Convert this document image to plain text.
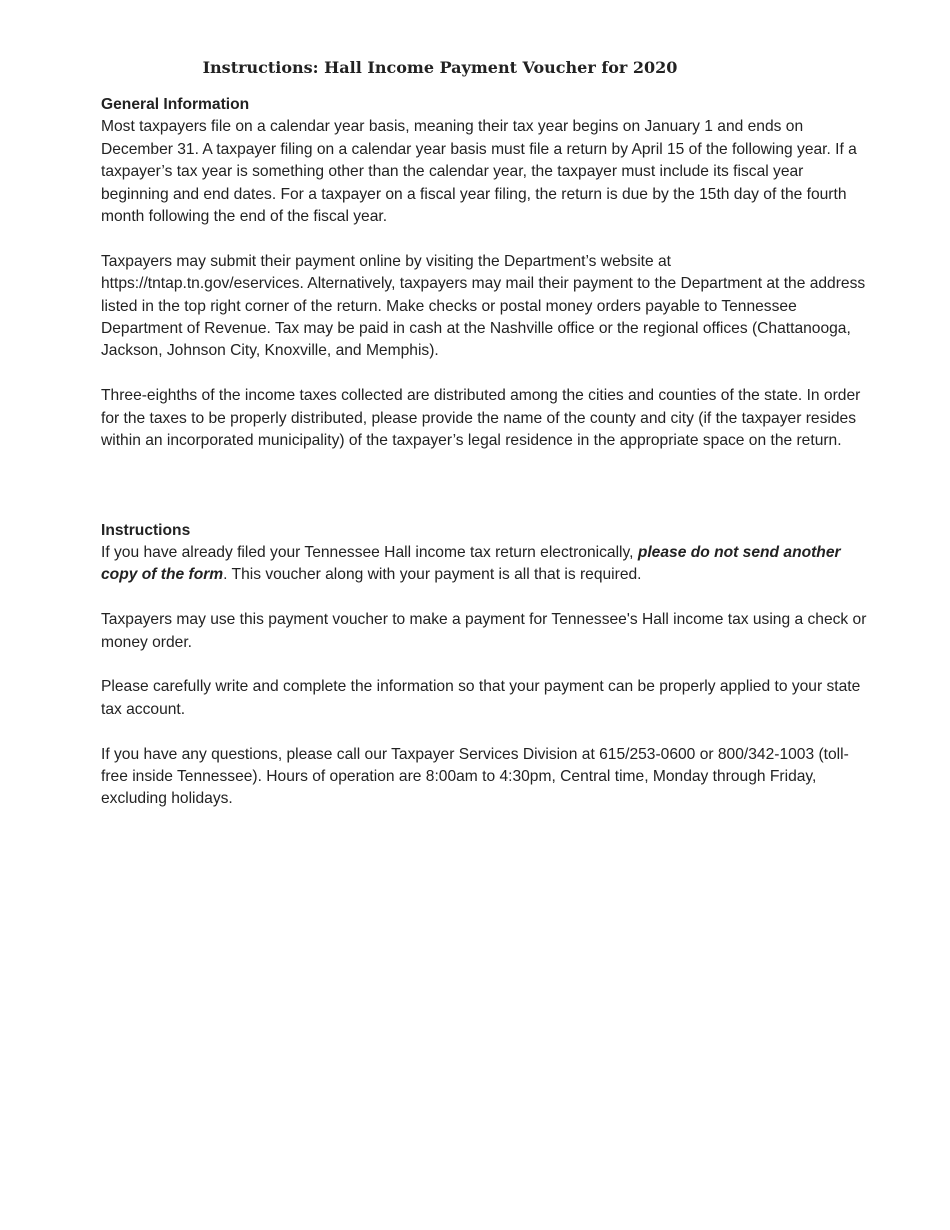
Instructions: Hall Income Payment Voucher for 2020
General Information

Most taxpayers file on a calendar year basis, meaning their tax year begins on January 1 and ends on December 31. A taxpayer filing on a calendar year basis must file a return by April 15 of the following year. If a taxpayer’s tax year is something other than the calendar year, the taxpayer must include its fiscal year beginning and end dates. For a taxpayer on a fiscal year filing, the return is due by the 15th day of the fourth month following the end of the fiscal year.

Taxpayers may submit their payment online by visiting the Department’s website at https://tntap.tn.gov/eservices. Alternatively, taxpayers may mail their payment to the Department at the address listed in the top right corner of the return. Make checks or postal money orders payable to Tennessee Department of Revenue. Tax may be paid in cash at the Nashville office or the regional offices (Chattanooga, Jackson, Johnson City, Knoxville, and Memphis).

Three-eighths of the income taxes collected are distributed among the cities and counties of the state. In order for the taxes to be properly distributed, please provide the name of the county and city (if the taxpayer resides within an incorporated municipality) of the taxpayer’s legal residence in the appropriate space on the return.

Instructions

If you have already filed your Tennessee Hall income tax return electronically, please do not send another copy of the form. This voucher along with your payment is all that is required.

Taxpayers may use this payment voucher to make a payment for Tennessee's Hall income tax using a check or money order.

Please carefully write and complete the information so that your payment can be properly applied to your state tax account.

If you have any questions, please call our Taxpayer Services Division at 615/253-0600 or 800/342-1003 (toll-free inside Tennessee). Hours of operation are 8:00am to 4:30pm, Central time, Monday through Friday, excluding holidays.
